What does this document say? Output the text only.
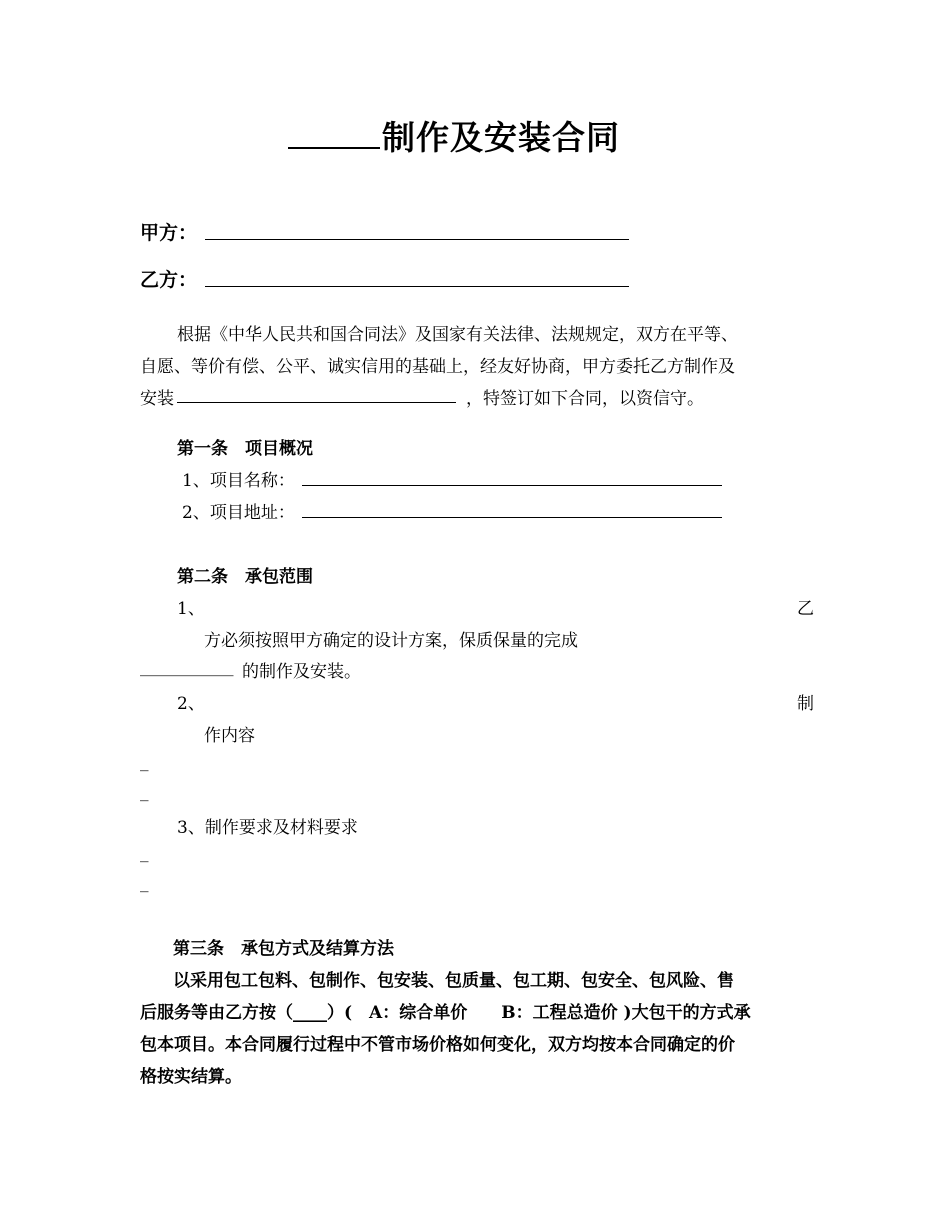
制作及安装合同
甲方：
乙方：
根据《中华人民共和国合同法》及国家有关法律、法规规定，双方在平等、
自愿、等价有偿、公平、诚实信用的基础上，经友好协商，甲方委托乙方制作及
安装	，特签订如下合同，以资信守。
第一条　项目概况
1、项目名称：
2、项目地址：
第二条　承包范围
1、	乙
方必须按照甲方确定的设计方案，保质保量的完成
___________ 的制作及安装。
2、	制
作内容
_
_
3、制作要求及材料要求
_
_
第三条　承包方式及结算方法
以采用包工包料、包制作、包安装、包质量、包工期、包安全、包风险、售
后服务等由乙方按（____）(　A：综合单价　　B：工程总造价 )大包干的方式承
包本项目。本合同履行过程中不管市场价格如何变化，双方均按本合同确定的价
格按实结算。
